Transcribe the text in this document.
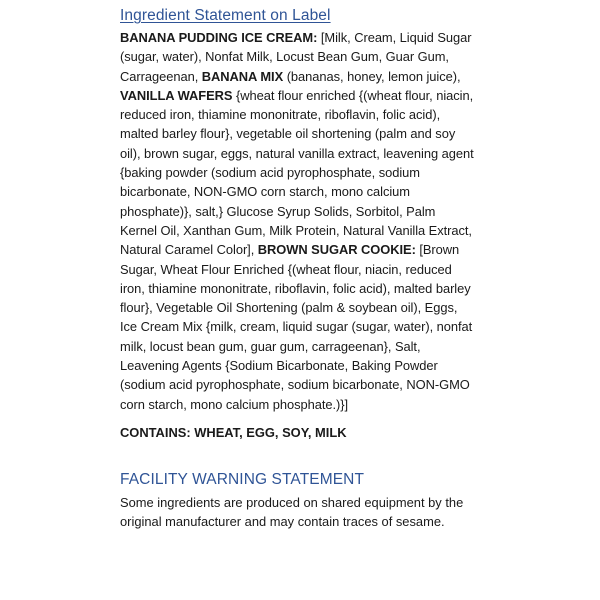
Ingredient Statement on Label

BANANA PUDDING ICE CREAM: [Milk, Cream, Liquid Sugar (sugar, water), Nonfat Milk, Locust Bean Gum, Guar Gum, Carrageenan, BANANA MIX (bananas, honey, lemon juice), VANILLA WAFERS {wheat flour enriched {(wheat flour, niacin, reduced iron, thiamine mononitrate, riboflavin, folic acid), malted barley flour}, vegetable oil shortening (palm and soy oil), brown sugar, eggs, natural vanilla extract, leavening agent {baking powder (sodium acid pyrophosphate, sodium bicarbonate, NON-GMO corn starch, mono calcium phosphate)}, salt,} Glucose Syrup Solids, Sorbitol, Palm Kernel Oil, Xanthan Gum, Milk Protein, Natural Vanilla Extract, Natural Caramel Color], BROWN SUGAR COOKIE: [Brown Sugar, Wheat Flour Enriched {(wheat flour, niacin, reduced iron, thiamine mononitrate, riboflavin, folic acid), malted barley flour}, Vegetable Oil Shortening (palm & soybean oil), Eggs, Ice Cream Mix {milk, cream, liquid sugar (sugar, water), nonfat milk, locust bean gum, guar gum, carrageenan}, Salt, Leavening Agents {Sodium Bicarbonate, Baking Powder (sodium acid pyrophosphate, sodium bicarbonate, NON-GMO corn starch, mono calcium phosphate.)}]

CONTAINS: WHEAT, EGG, SOY, MILK

FACILITY WARNING STATEMENT

Some ingredients are produced on shared equipment by the original manufacturer and may contain traces of sesame.
